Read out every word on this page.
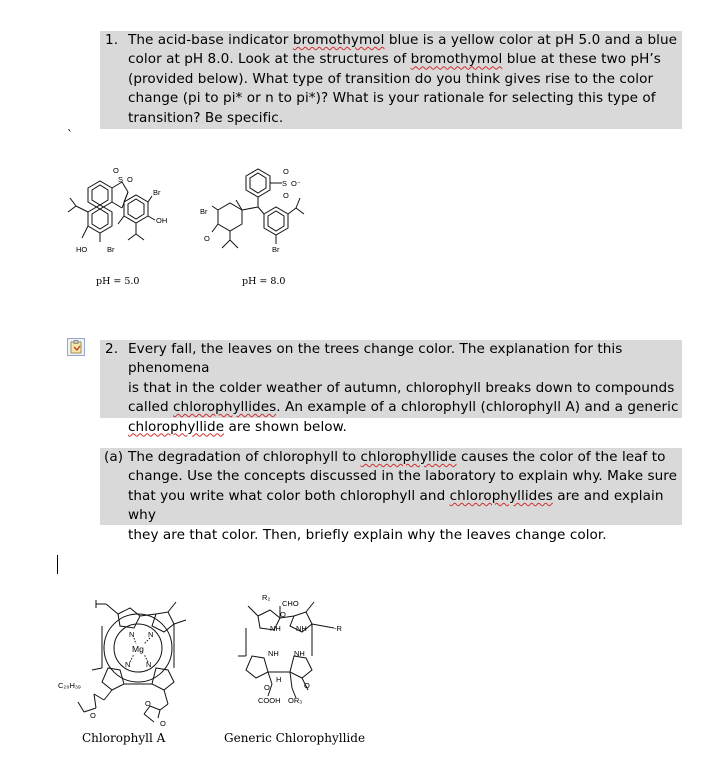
1. The acid-base indicator bromothymol blue is a yellow color at pH 5.0 and a blue
color at pH 8.0. Look at the structures of bromothymol blue at these two pH’s
(provided below). What type of transition do you think gives rise to the color
change (pi to pi* or n to pi*)? What is your rationale for selecting this type of
transition? Be specific.
`
S
O
O
HO	Br
Br
OH
pH = 5.0
S
O
O
O⁻
Br
O
Br
pH = 8.0
2. Every fall, the leaves on the trees change color. The explanation for this phenomena
is that in the colder weather of autumn, chlorophyll breaks down to compounds
called chlorophyllides. An example of a chlorophyll (chlorophyll A) and a generic
chlorophyllide are shown below.
(a) The degradation of chlorophyll to chlorophyllide causes the color of the leaf to
change. Use the concepts discussed in the laboratory to explain why. Make sure
that you write what color both chlorophyll and chlorophyllides are and explain why
they are that color. Then, briefly explain why the leaves change color.
C₂₀H₃₉
O
O
O
N N
N N
Mg
Chlorophyll A
R₂
CHO
O
NH NH
NH NH
-R
H
O	O
COOH OR₃
Generic Chlorophyllide
